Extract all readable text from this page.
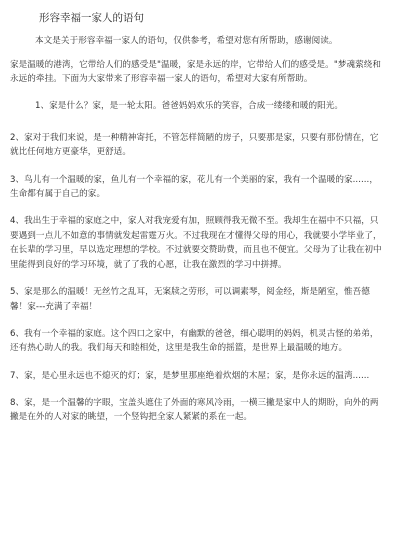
形容幸福一家人的语句

本文是关于形容幸福一家人的语句，仅供参考，希望对您有所帮助，感谢阅读。

家是温暖的港湾，它带给人们的感受是"温暖，家是永远的岸，它带给人们的感受是。"梦魂萦绕和永远的牵挂。下面为大家带来了形容幸福一家人的语句，希望对大家有所帮助。

1、家是什么？家，是一轮太阳。爸爸妈妈欢乐的笑容，合成一缕缕和暖的阳光。

2、家对于我们来说，是一种精神寄托，不管怎样简陋的房子，只要那是家，只要有那份情在，它就比任何地方更豪华，更舒适。

3、鸟儿有一个温暖的家，鱼儿有一个幸福的家，花儿有一个美丽的家，我有一个温暖的家......，生命都有属于自己的家。

4、我出生于幸福的家庭之中，家人对我宠爱有加，照顾得我无微不至。我却生在福中不只福，只要遇到一点儿不如意的事情就发起雷霆万火。不过我现在才懂得父母的用心，我就要小学毕业了，在长辈的学习里，早以选定理想的学校。不过就要交赞助费，而且也不便宜。父母为了让我在初中里能得到良好的学习环境，就了了我的心愿，让我在激烈的学习中拼搏。

5、家是那么的温暖！无丝竹之乱耳，无案牍之劳形，可以调素琴，阅金经，斯是陋室，惟吾德馨！家---充满了幸福！

6、我有一个幸福的家庭。这个四口之家中，有幽默的爸爸，细心聪明的妈妈，机灵古怪的弟弟，还有热心助人的我。我们每天和睦相处，这里是我生命的摇篮，是世界上最温暖的地方。

7、家，是心里永远也不熄灭的灯；家，是梦里那座绝着炊烟的木屋；家，是你永远的温湾......

8、家，是一个温馨的字眼，宝盖头遮住了外面的寒风冷雨，一横三撇是家中人的期盼，向外的两撇是在外的人对家的眺望，一个竖钩把全家人紧紧的系在一起。
